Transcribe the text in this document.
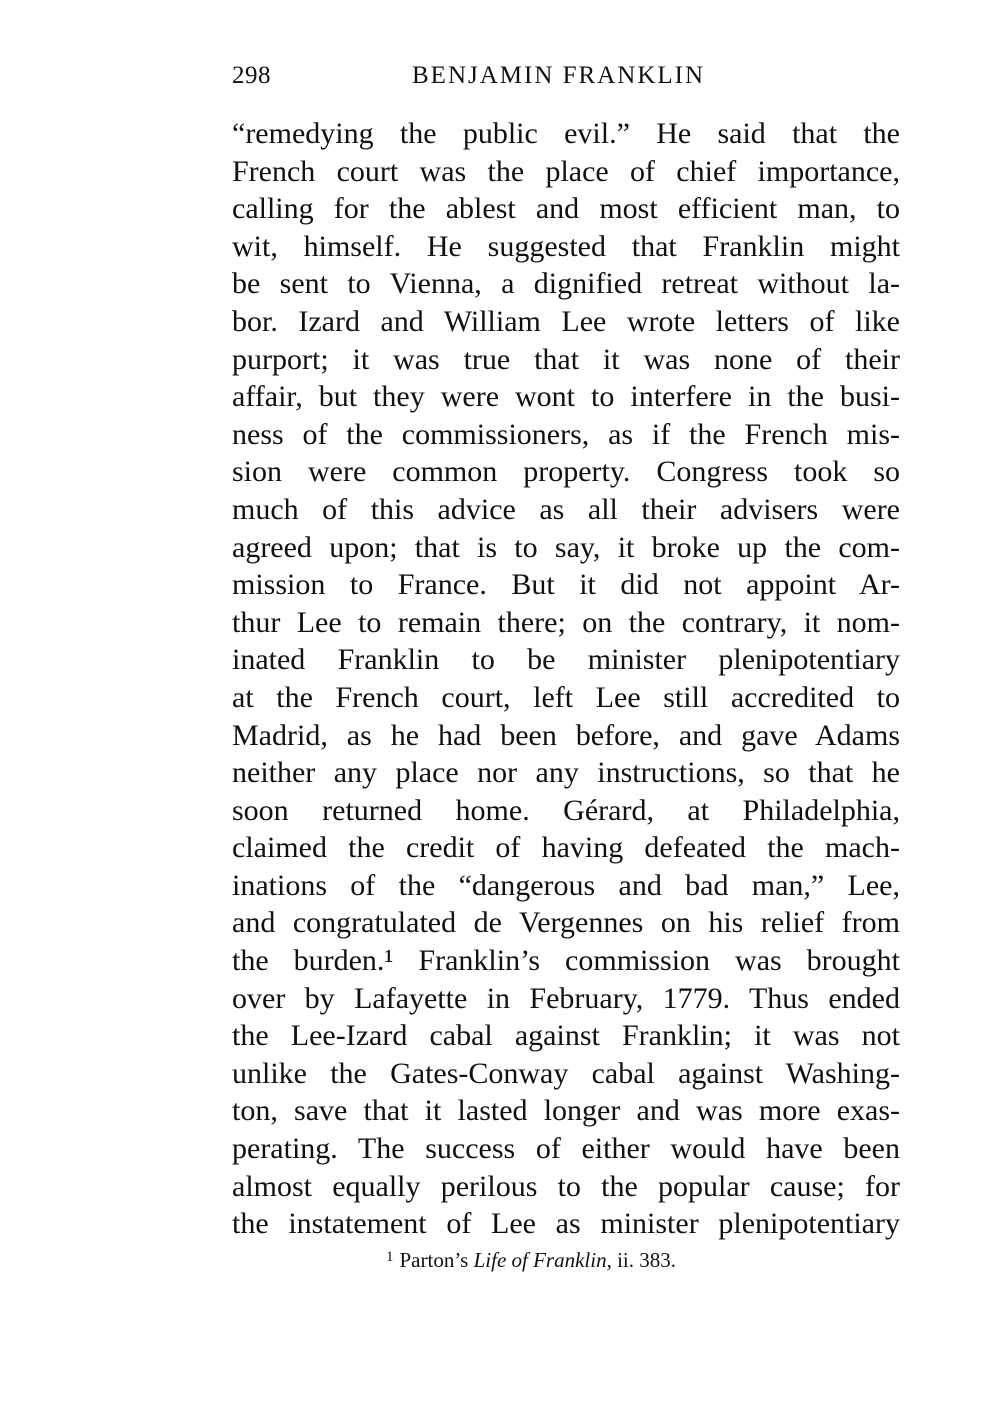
298	BENJAMIN FRANKLIN
“remedying the public evil.” He said that the
French court was the place of chief importance,
calling for the ablest and most efficient man, to
wit, himself. He suggested that Franklin might
be sent to Vienna, a dignified retreat without la-
bor. Izard and William Lee wrote letters of like
purport; it was true that it was none of their
affair, but they were wont to interfere in the busi-
ness of the commissioners, as if the French mis-
sion were common property. Congress took so
much of this advice as all their advisers were
agreed upon; that is to say, it broke up the com-
mission to France. But it did not appoint Ar-
thur Lee to remain there; on the contrary, it nom-
inated Franklin to be minister plenipotentiary
at the French court, left Lee still accredited to
Madrid, as he had been before, and gave Adams
neither any place nor any instructions, so that he
soon returned home. Gérard, at Philadelphia,
claimed the credit of having defeated the mach-
inations of the “dangerous and bad man,” Lee,
and congratulated de Vergennes on his relief from
the burden.¹ Franklin’s commission was brought
over by Lafayette in February, 1779. Thus ended
the Lee-Izard cabal against Franklin; it was not
unlike the Gates-Conway cabal against Washing-
ton, save that it lasted longer and was more exas-
perating. The success of either would have been
almost equally perilous to the popular cause; for
the instatement of Lee as minister plenipotentiary
$^1$ Parton’s Life of Franklin, ii. 383.
